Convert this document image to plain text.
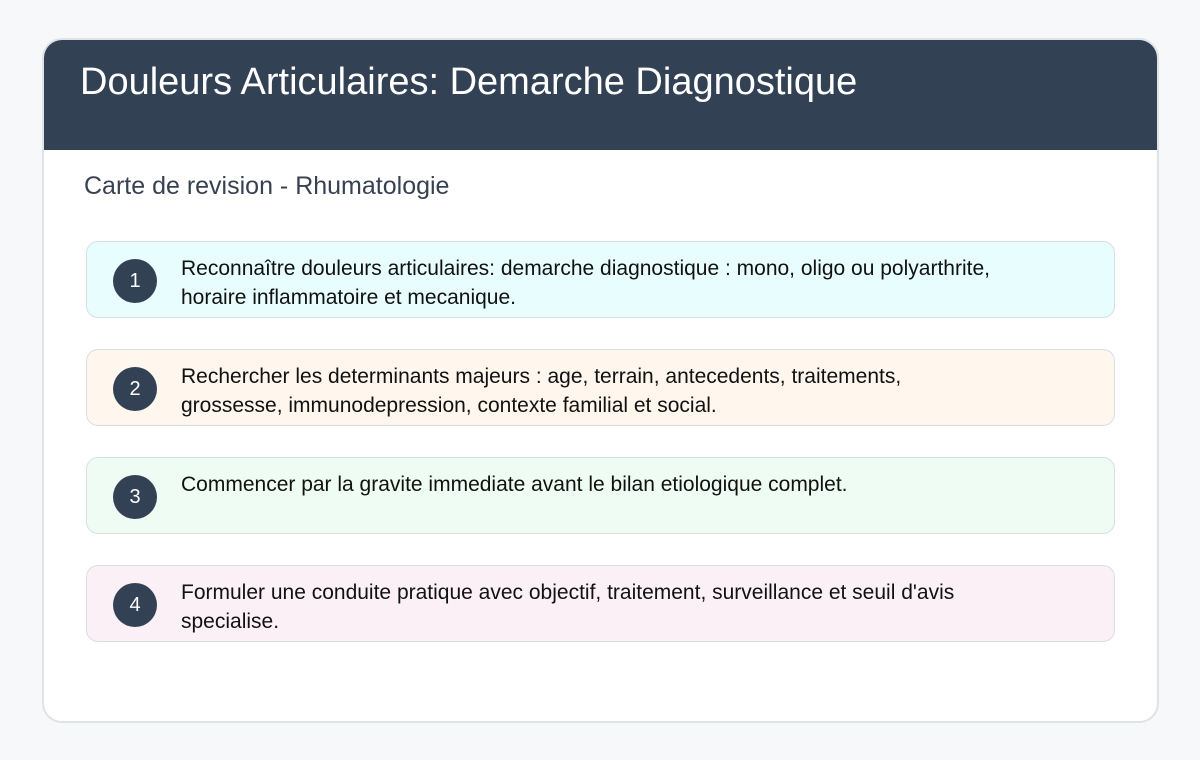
Douleurs Articulaires: Demarche Diagnostique
Carte de revision - Rhumatologie
1
Reconnaître douleurs articulaires: demarche diagnostique : mono, oligo ou polyarthrite, horaire inflammatoire et mecanique.
2
Rechercher les determinants majeurs : age, terrain, antecedents, traitements, grossesse, immunodepression, contexte familial et social.
3
Commencer par la gravite immediate avant le bilan etiologique complet.
4
Formuler une conduite pratique avec objectif, traitement, surveillance et seuil d'avis specialise.
